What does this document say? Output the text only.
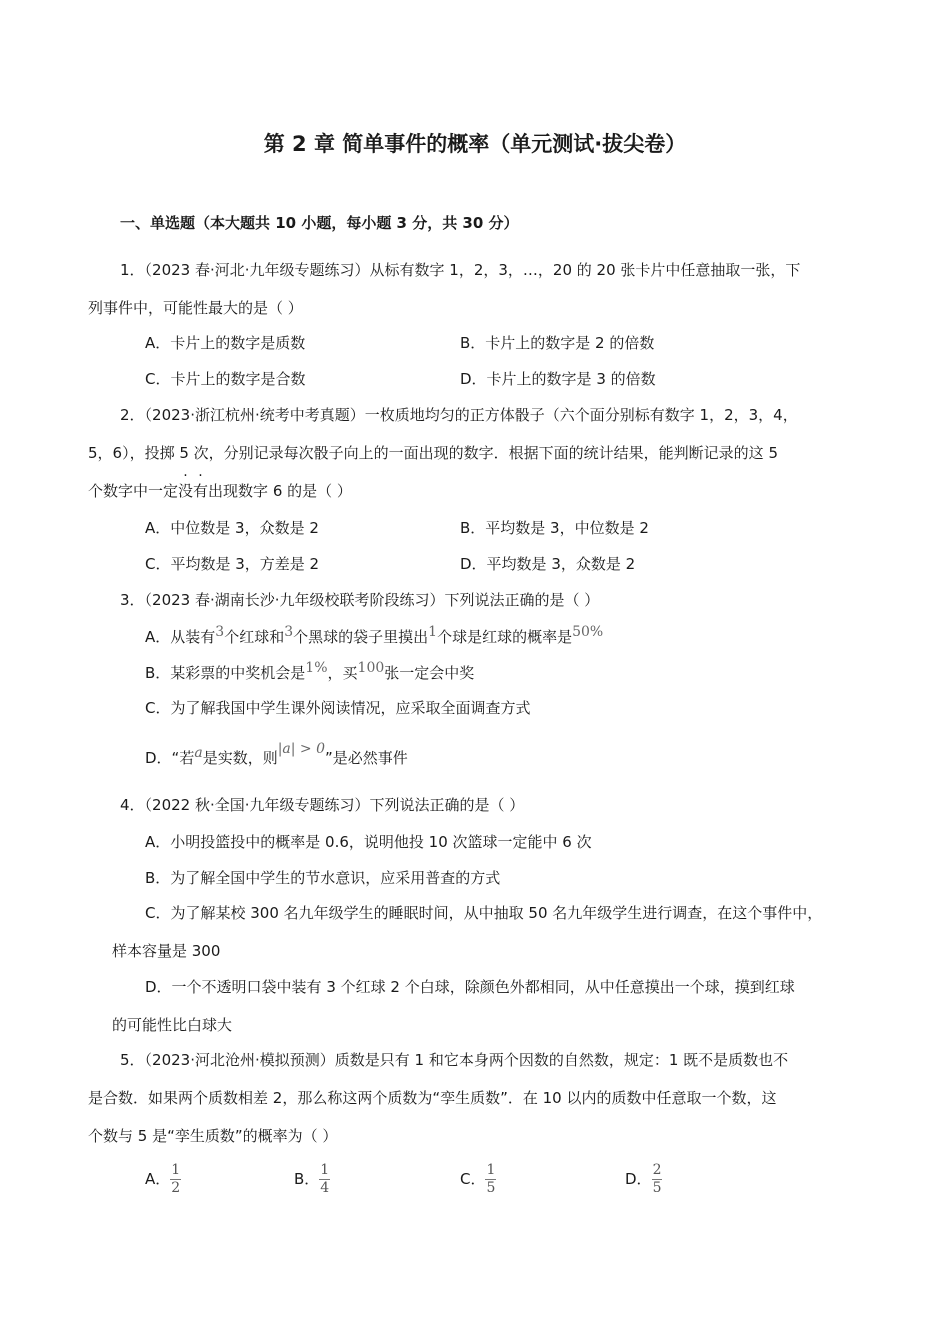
第 2 章 简单事件的概率（单元测试·拔尖卷）
一、单选题（本大题共 10 小题，每小题 3 分，共 30 分）
1．（2023 春·河北·九年级专题练习）从标有数字 1，2，3，…，20 的 20 张卡片中任意抽取一张，下
列事件中，可能性最大的是（ ）
A．卡片上的数字是质数	B．卡片上的数字是 2 的倍数
C．卡片上的数字是合数	D．卡片上的数字是 3 的倍数
2．（2023·浙江杭州·统考中考真题）一枚质地均匀的正方体骰子（六个面分别标有数字 1，2，3，4，
5，6），投掷 5 次，分别记录每次骰子向上的一面出现的数字．根据下面的统计结果，能判断记录的这 5
个数字中一定没有出现数字 6 的是（ ）
A．中位数是 3，众数是 2	B．平均数是 3，中位数是 2
C．平均数是 3，方差是 2	D．平均数是 3，众数是 2
3．（2023 春·湖南长沙·九年级校联考阶段练习）下列说法正确的是（ ）
A．从装有3个红球和3个黑球的袋子里摸出1个球是红球的概率是50%
B．某彩票的中奖机会是1%，买100张一定会中奖
C．为了解我国中学生课外阅读情况，应采取全面调查方式
D．“若a是实数，则|a| > 0”是必然事件
4．（2022 秋·全国·九年级专题练习）下列说法正确的是（ ）
A．小明投篮投中的概率是 0.6，说明他投 10 次篮球一定能中 6 次
B．为了解全国中学生的节水意识，应采用普查的方式
C．为了解某校 300 名九年级学生的睡眠时间，从中抽取 50 名九年级学生进行调查，在这个事件中，
样本容量是 300
D．一个不透明口袋中装有 3 个红球 2 个白球，除颜色外都相同，从中任意摸出一个球，摸到红球
的可能性比白球大
5．（2023·河北沧州·模拟预测）质数是只有 1 和它本身两个因数的自然数，规定：1 既不是质数也不
是合数．如果两个质数相差 2，那么称这两个质数为“孪生质数”．在 10 以内的质数中任意取一个数，这
个数与 5 是“孪生质数”的概率为（ ）
A． $\frac{1}{2}$	B． $\frac{1}{4}$	C． $\frac{1}{5}$	D． $\frac{2}{5}$
